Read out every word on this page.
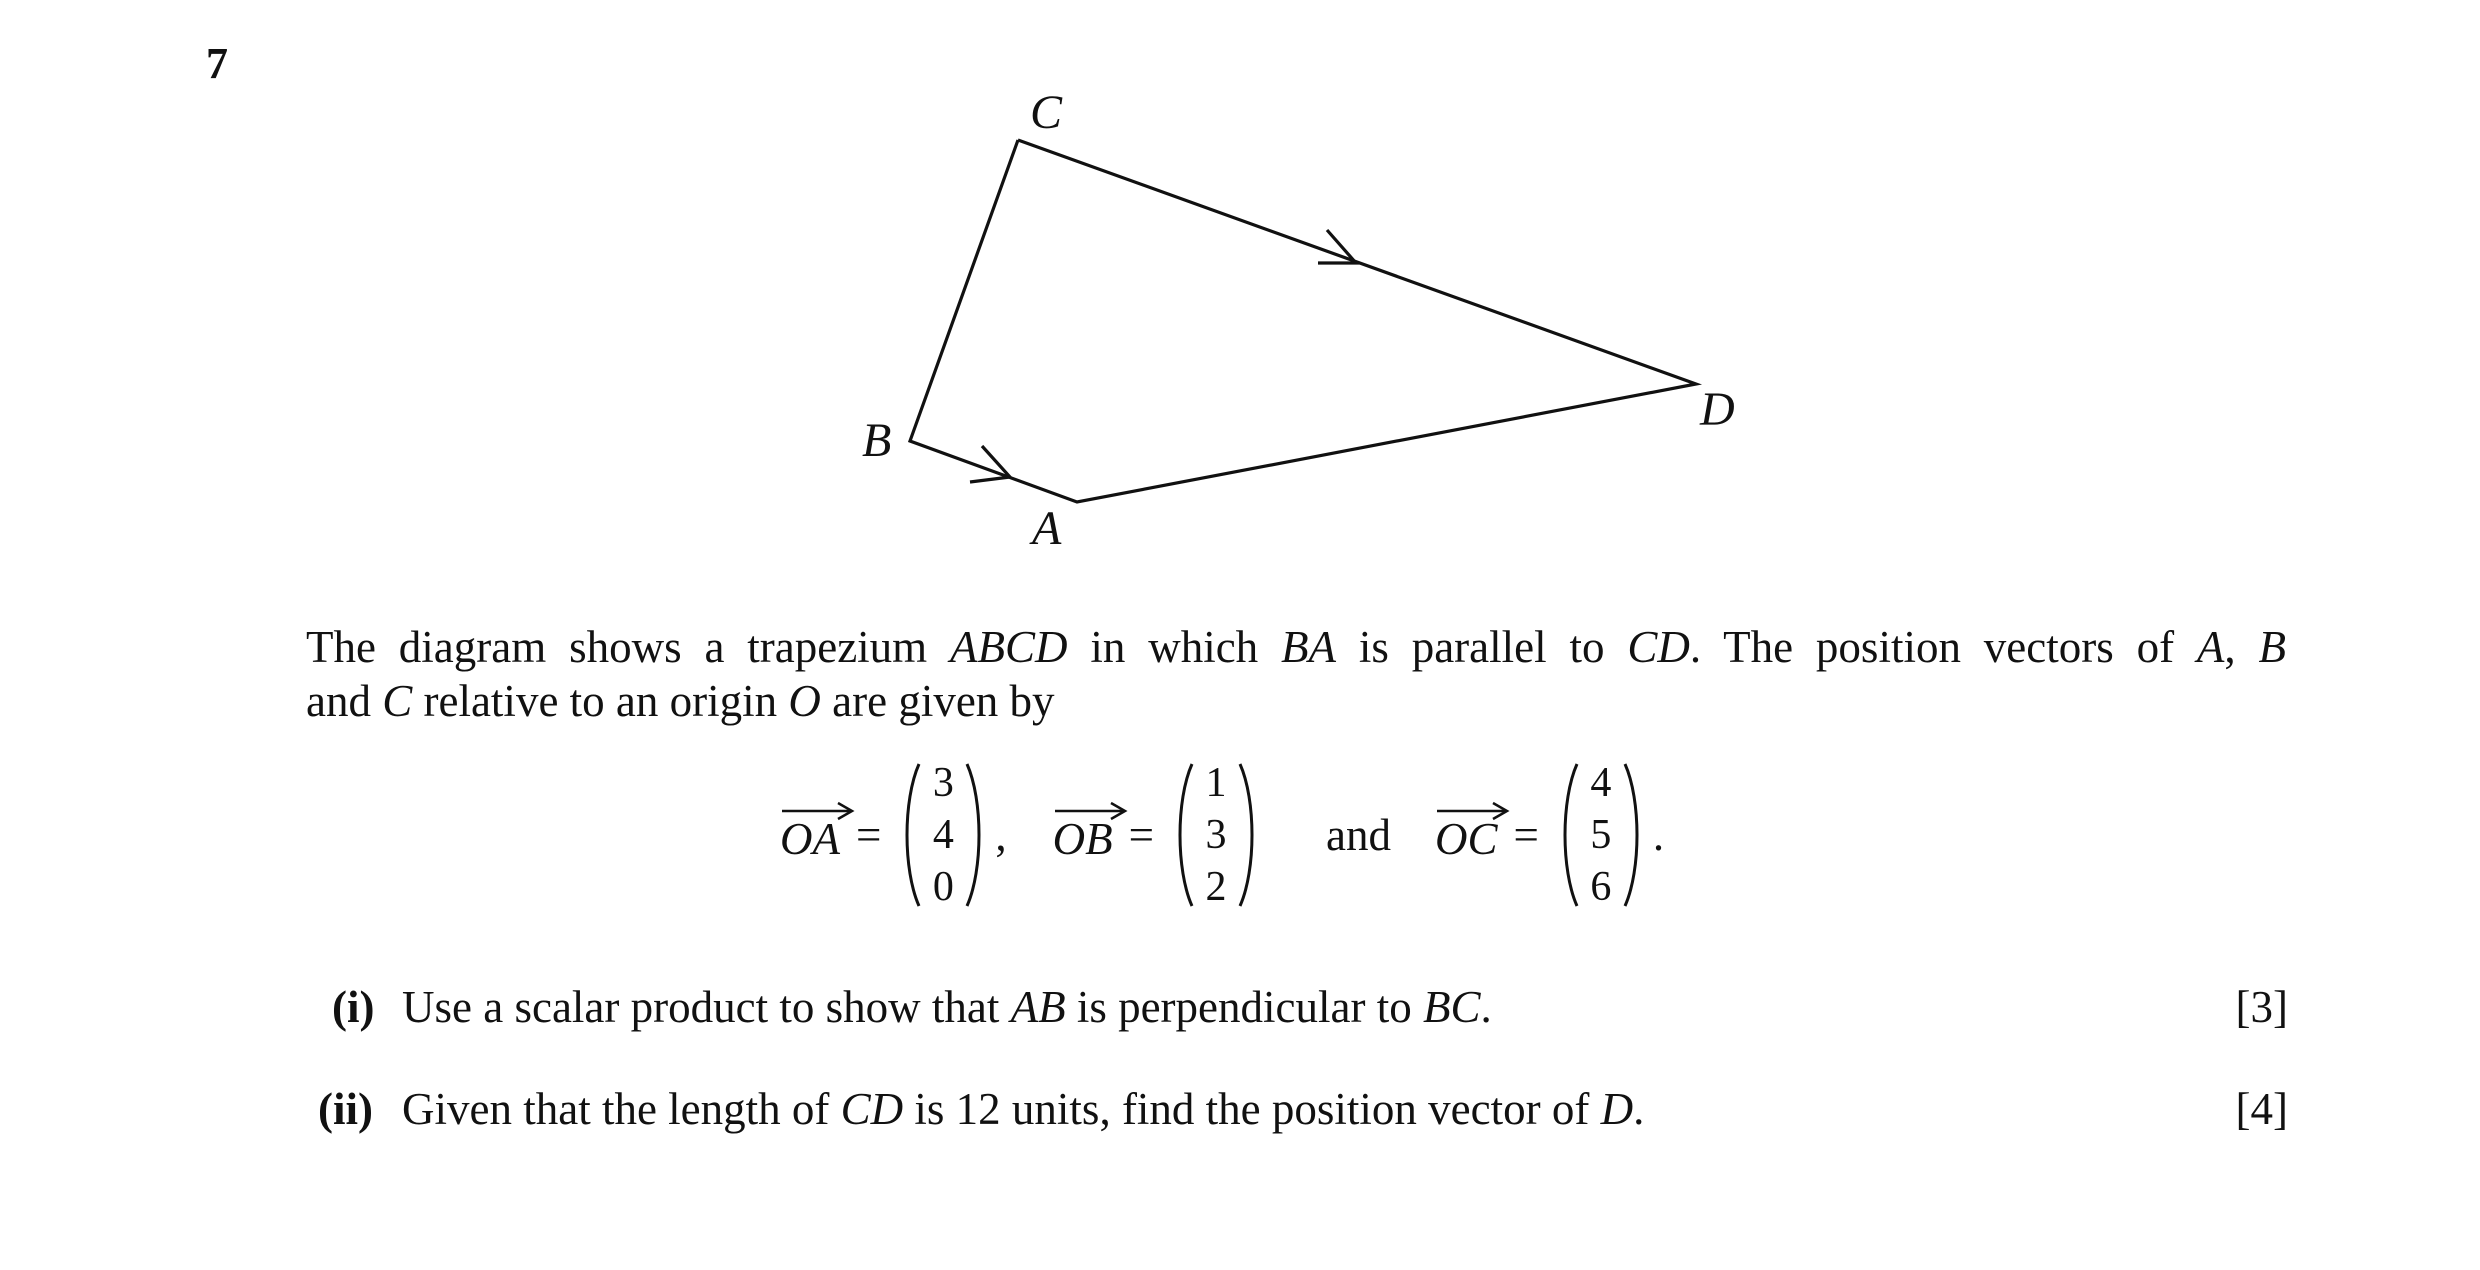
7
C
D
B
A
The diagram shows a trapezium ABCD in which BA is parallel to CD. The position vectors of A, B
and C relative to an origin O are given by
OA =
3
4
0
, OB =
1
3
2
and OC =
4
5
6
.
(i) Use a scalar product to show that AB is perpendicular to BC.	[3]
(ii) Given that the length of CD is 12 units, find the position vector of D.	[4]
